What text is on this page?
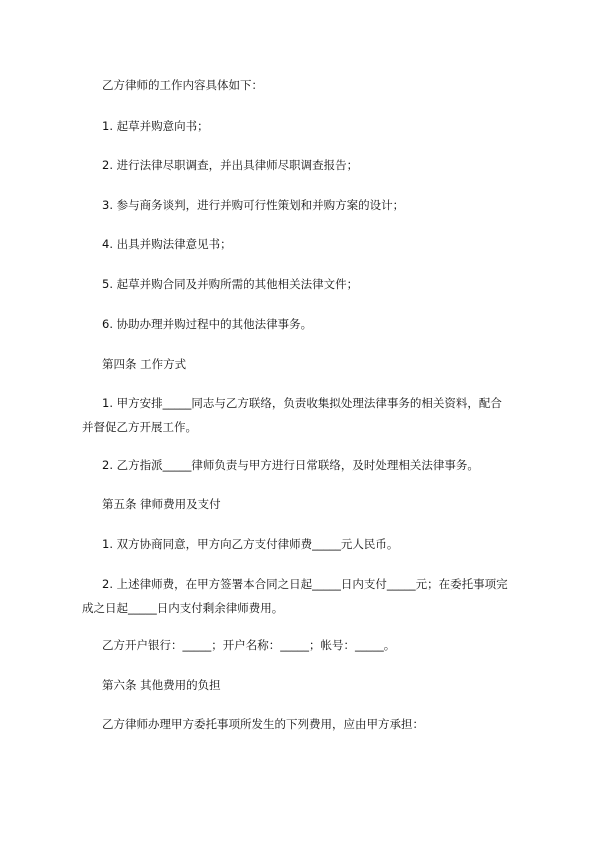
乙方律师的工作内容具体如下：

1. 起草并购意向书；

2. 进行法律尽职调查，并出具律师尽职调查报告；

3. 参与商务谈判，进行并购可行性策划和并购方案的设计；

4. 出具并购法律意见书；

5. 起草并购合同及并购所需的其他相关法律文件；

6. 协助办理并购过程中的其他法律事务。

第四条 工作方式

1. 甲方安排_____同志与乙方联络，负责收集拟处理法律事务的相关资料，配合并督促乙方开展工作。

2. 乙方指派_____律师负责与甲方进行日常联络，及时处理相关法律事务。

第五条 律师费用及支付

1. 双方协商同意，甲方向乙方支付律师费_____元人民币。

2. 上述律师费，在甲方签署本合同之日起_____日内支付_____元；在委托事项完成之日起_____日内支付剩余律师费用。

乙方开户银行：_____；开户名称：_____；帐号：_____。

第六条 其他费用的负担

乙方律师办理甲方委托事项所发生的下列费用，应由甲方承担：
